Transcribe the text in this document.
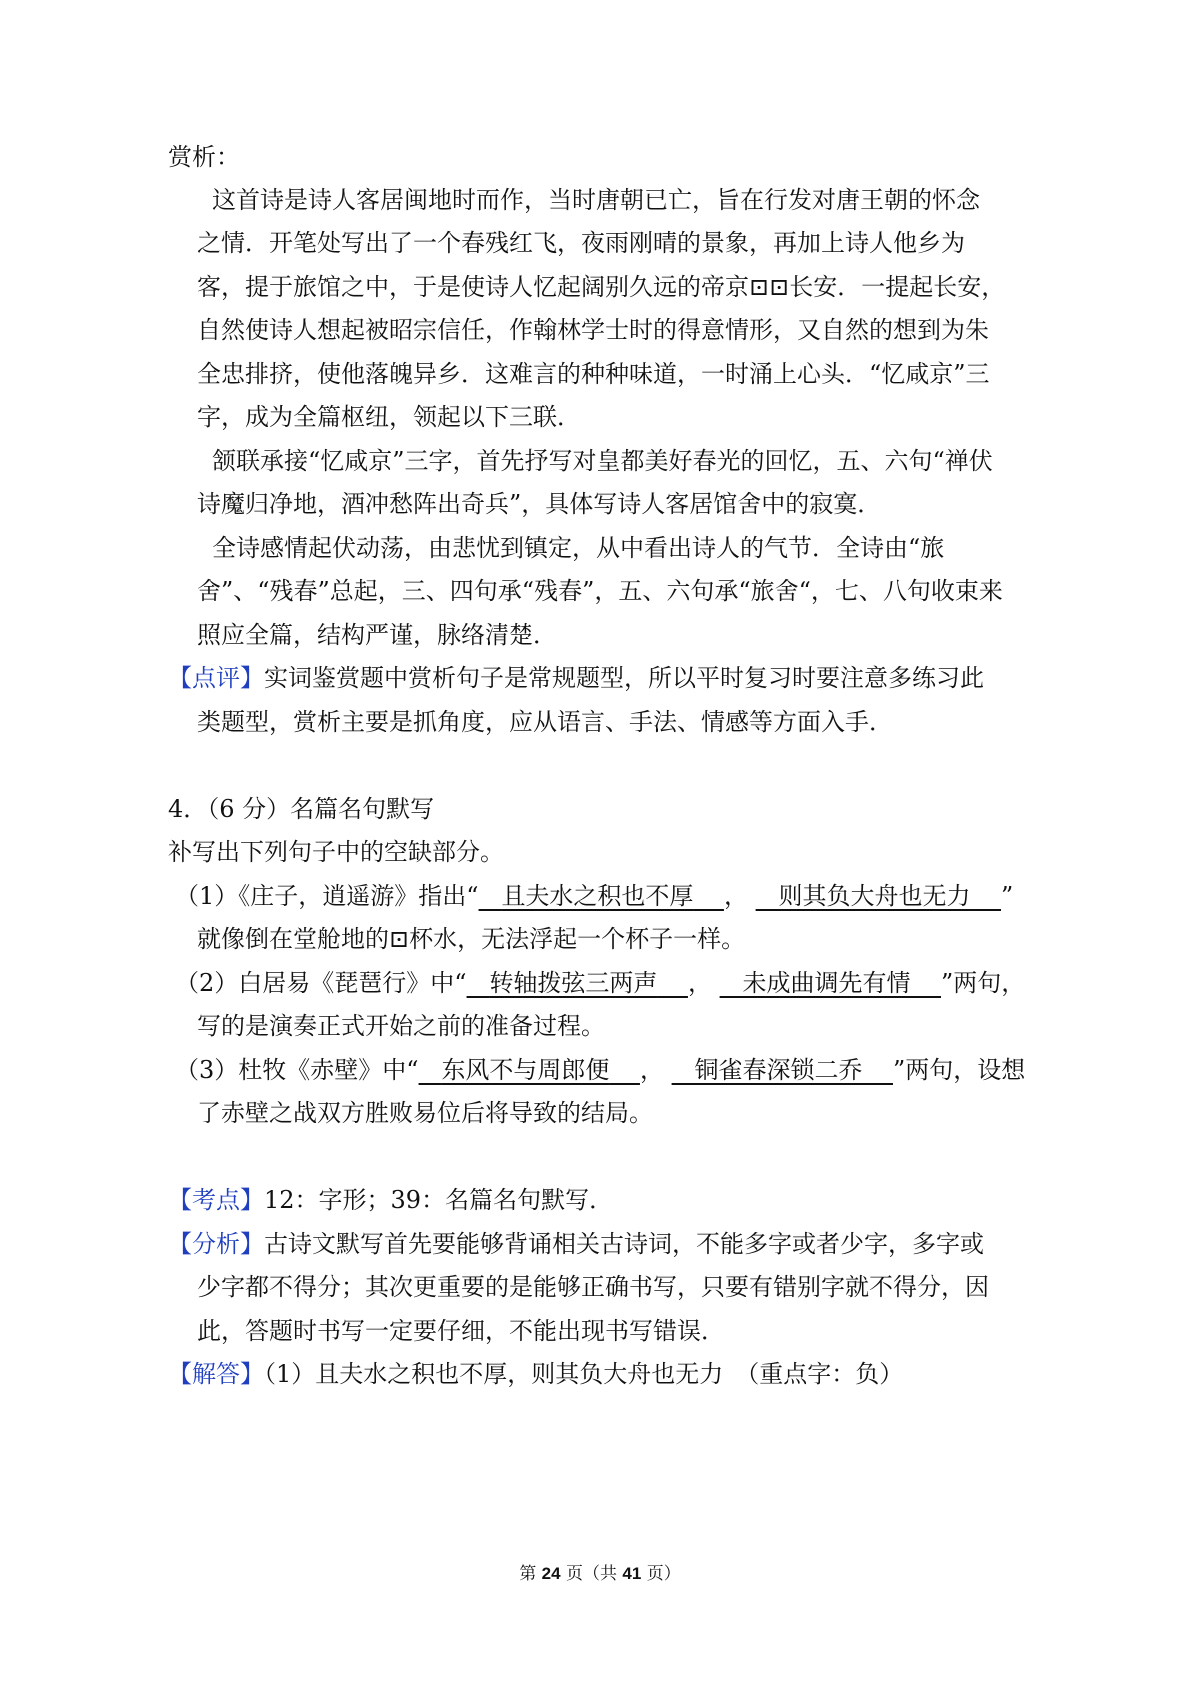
赏析：
这首诗是诗人客居闽地时而作，当时唐朝已亡，旨在行发对唐王朝的怀念
之情．开笔处写出了一个春残红飞，夜雨刚晴的景象，再加上诗人他乡为
客，提于旅馆之中，于是使诗人忆起阔别久远的帝京⊡⊡长安．一提起长安，
自然使诗人想起被昭宗信任，作翰林学士时的得意情形，又自然的想到为朱
全忠排挤，使他落魄异乡．这难言的种种味道，一时涌上心头．“忆咸京”三
字，成为全篇枢纽，领起以下三联．
颔联承接“忆咸京”三字，首先抒写对皇都美好春光的回忆，五、六句“禅伏
诗魔归净地，酒冲愁阵出奇兵”，具体写诗人客居馆舍中的寂寞．
全诗感情起伏动荡，由悲忧到镇定，从中看出诗人的气节．全诗由“旅
舍”、“残春”总起，三、四句承“残春”，五、六句承“旅舍“，七、八句收束来
照应全篇，结构严谨，脉络清楚．
【点评】实词鉴赏题中赏析句子是常规题型，所以平时复习时要注意多练习此
类题型，赏析主要是抓角度，应从语言、手法、情感等方面入手．
4．（6 分）名篇名句默写
补写出下列句子中的空缺部分。
（1）《庄子，逍遥游》指出“ 且夫水之积也不厚 ， 则其负大舟也无力 ”
就像倒在堂舱地的⊡杯水，无法浮起一个杯子一样。
（2）白居易《琵琶行》中“ 转轴拨弦三两声 ， 未成曲调先有情 ”两句，
写的是演奏正式开始之前的准备过程。
（3）杜牧《赤壁》中“ 东风不与周郎便 ， 铜雀春深锁二乔 ”两句，设想
了赤壁之战双方胜败易位后将导致的结局。
【考点】12：字形；39：名篇名句默写．
【分析】古诗文默写首先要能够背诵相关古诗词，不能多字或者少字，多字或
少字都不得分；其次更重要的是能够正确书写，只要有错别字就不得分，因
此，答题时书写一定要仔细，不能出现书写错误．
【解答】（1）且夫水之积也不厚，则其负大舟也无力　（重点字：负）
第 24 页（共 41 页）
